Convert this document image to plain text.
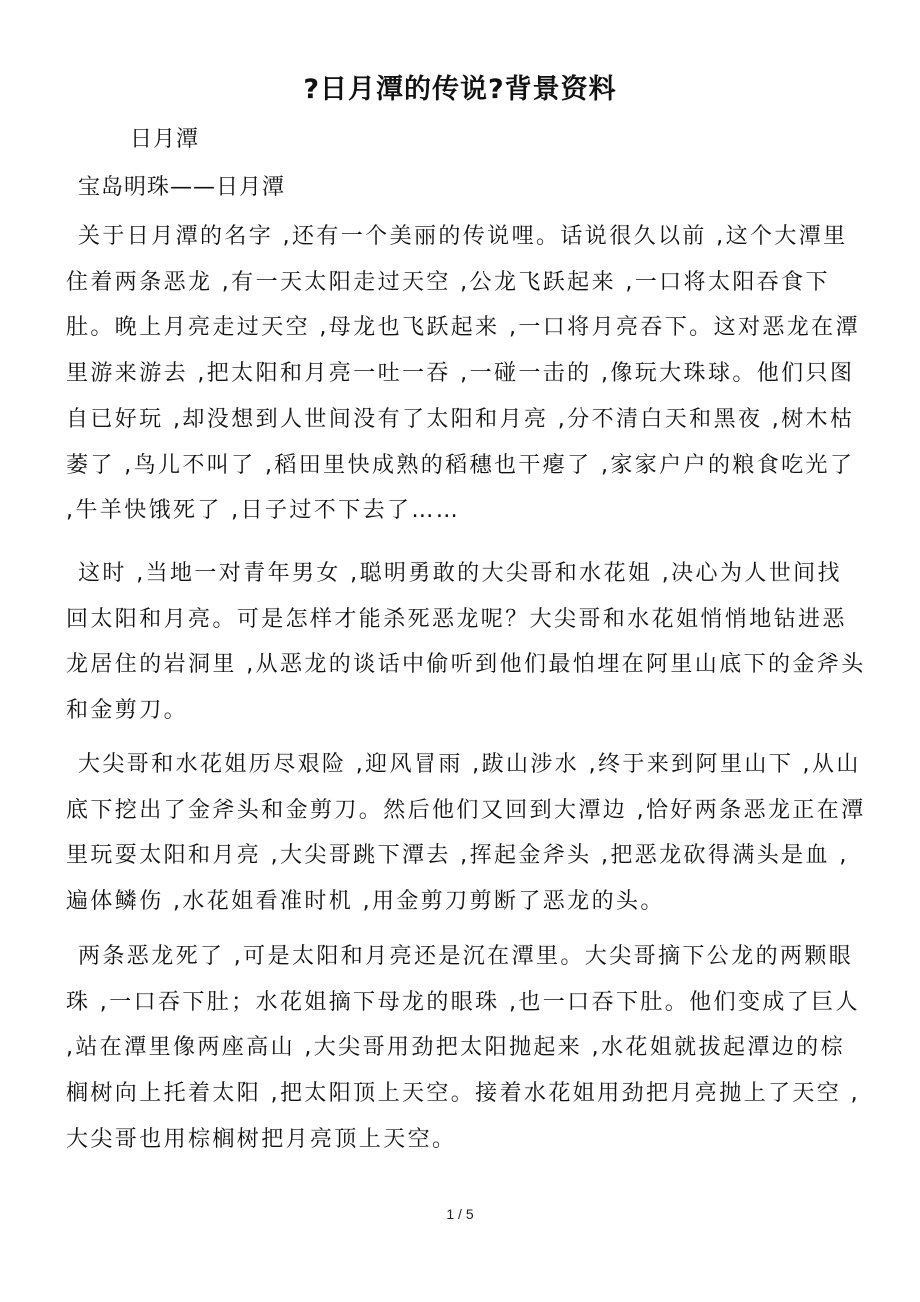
?日月潭的传说?背景资料
日月潭
宝岛明珠——日月潭

关于日月潭的名字 ,还有一个美丽的传说哩。话说很久以前 ,这个大潭里住着两条恶龙 ,有一天太阳走过天空 ,公龙飞跃起来 ,一口将太阳吞食下肚。晚上月亮走过天空 ,母龙也飞跃起来 ,一口将月亮吞下。这对恶龙在潭里游来游去 ,把太阳和月亮一吐一吞 ,一碰一击的 ,像玩大珠球。他们只图自已好玩 ,却没想到人世间没有了太阳和月亮 ,分不清白天和黑夜 ,树木枯萎了 ,鸟儿不叫了 ,稻田里快成熟的稻穗也干瘪了 ,家家户户的粮食吃光了 ,牛羊快饿死了 ,日子过不下去了……

这时 ,当地一对青年男女 ,聪明勇敢的大尖哥和水花姐 ,决心为人世间找回太阳和月亮。可是怎样才能杀死恶龙呢？大尖哥和水花姐悄悄地钻进恶龙居住的岩洞里 ,从恶龙的谈话中偷听到他们最怕埋在阿里山底下的金斧头和金剪刀。

大尖哥和水花姐历尽艰险 ,迎风冒雨 ,跋山涉水 ,终于来到阿里山下 ,从山底下挖出了金斧头和金剪刀。然后他们又回到大潭边 ,恰好两条恶龙正在潭里玩耍太阳和月亮 ,大尖哥跳下潭去 ,挥起金斧头 ,把恶龙砍得满头是血 ,遍体鳞伤 ,水花姐看准时机 ,用金剪刀剪断了恶龙的头。

两条恶龙死了 ,可是太阳和月亮还是沉在潭里。大尖哥摘下公龙的两颗眼珠 ,一口吞下肚；水花姐摘下母龙的眼珠 ,也一口吞下肚。他们变成了巨人 ,站在潭里像两座高山 ,大尖哥用劲把太阳抛起来 ,水花姐就拔起潭边的棕榈树向上托着太阳 ,把太阳顶上天空。接着水花姐用劲把月亮抛上了天空 ,大尖哥也用棕榈树把月亮顶上天空。

1 / 5
